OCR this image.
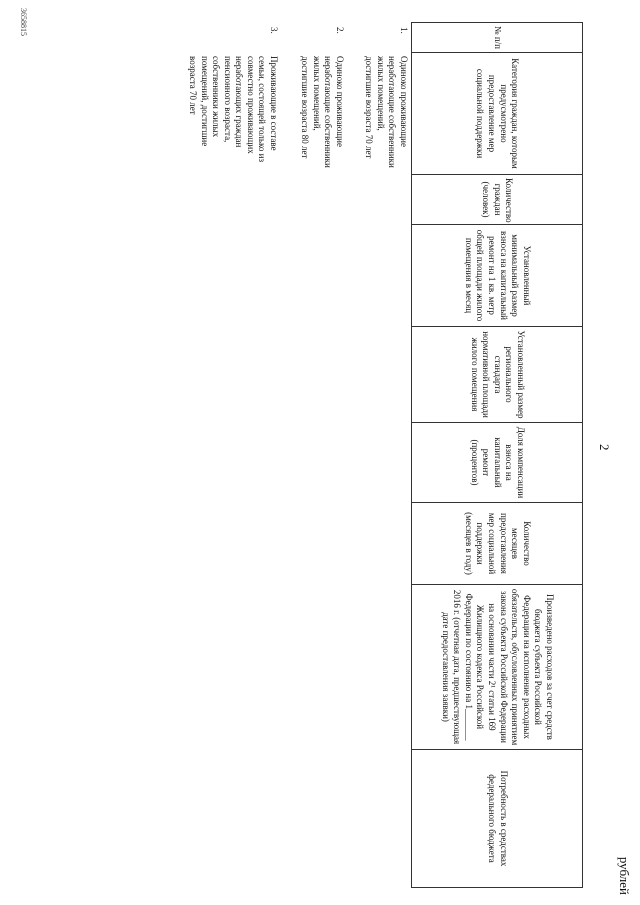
2
рублей
№ п/п	Категория граждан, которым предусмотрено предоставление мер социальной поддержки	Количество граждан (человек)	Установленный минимальный размер взноса на капитальный ремонт на 1 кв. метр общей площади жилого помещения в месяц	Установленный размер регионального стандарта нормативной площади жилого помещения	Доля компенсации взноса на капитальный ремонт (процентов)	Количество месяцев предоставления мер социальной поддержки (месяцев в году)	Произведено расходов за счет средств бюджета субъекта Российской Федерации на исполнение расходных обязательств, обусловленных принятием закона субъекта Российской Федерации на основании части 2¹ статьи 169 Жилищного кодекса Российской Федерации по состоянию на 1_______ 2016 г. (отчетная дата, предшествующая дате предоставления заявки)	Потребность в средствах федерального бюджета
1.	Одиноко проживающие неработающие собственники жилых помещений, достигшие возраста 70 лет							
2.	Одиноко проживающие неработающие собственники жилых помещений, достигшие возраста 80 лет							
3.	Проживающие в составе семьи, состоящей только из совместно проживающих неработающих граждан пенсионного возраста, собственники жилых помещений, достигшие возраста 70 лет							
3658815
